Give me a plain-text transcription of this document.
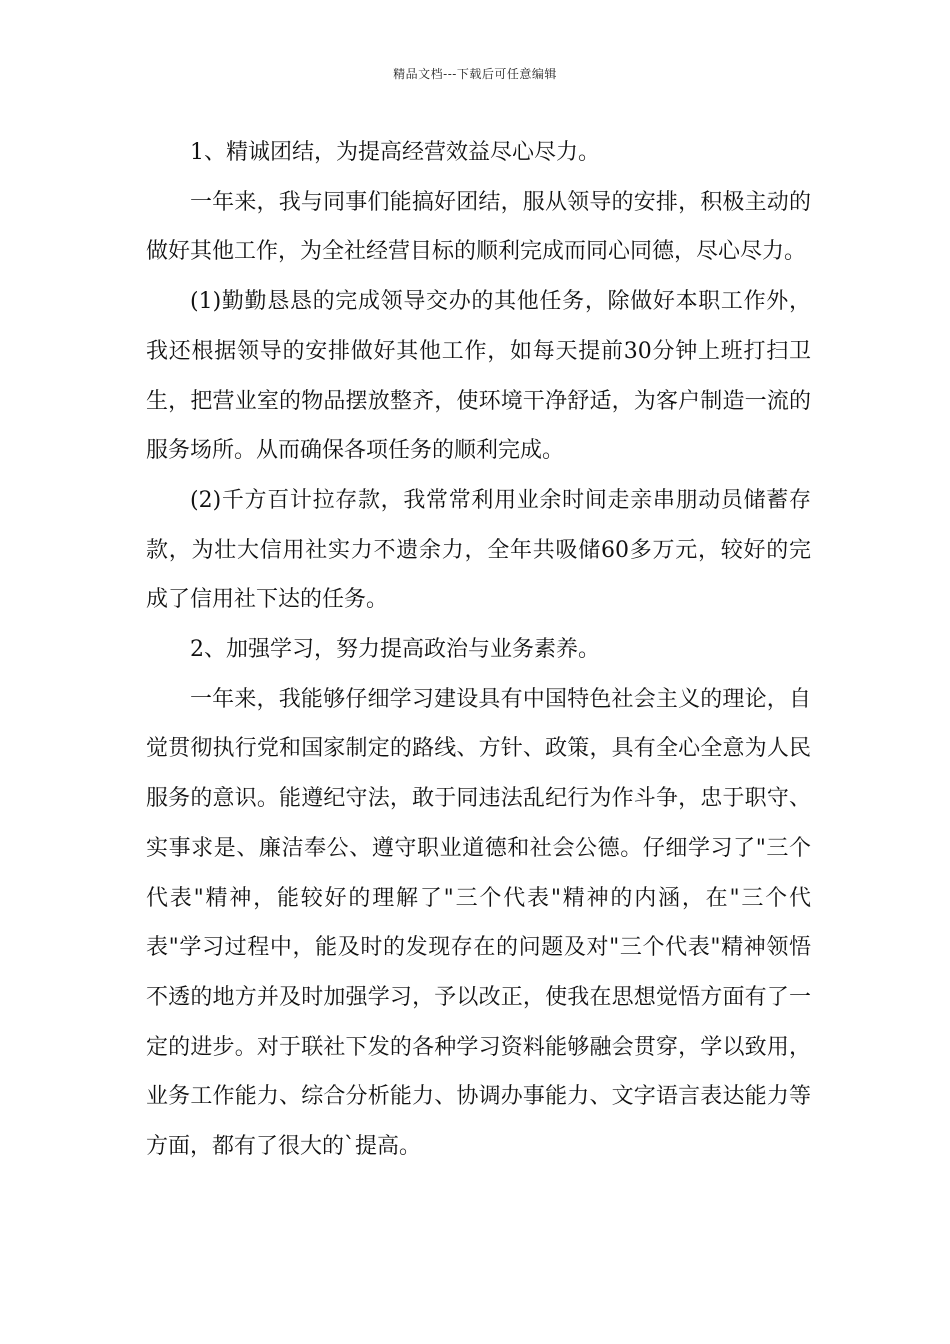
精品文档---下载后可任意编辑

1、精诚团结，为提高经营效益尽心尽力。

一年来，我与同事们能搞好团结，服从领导的安排，积极主动的做好其他工作，为全社经营目标的顺利完成而同心同德，尽心尽力。

(1)勤勤恳恳的完成领导交办的其他任务，除做好本职工作外，我还根据领导的安排做好其他工作，如每天提前30分钟上班打扫卫生，把营业室的物品摆放整齐，使环境干净舒适，为客户制造一流的服务场所。从而确保各项任务的顺利完成。

(2)千方百计拉存款，我常常利用业余时间走亲串朋动员储蓄存款，为壮大信用社实力不遗余力，全年共吸储60多万元，较好的完成了信用社下达的任务。

2、加强学习，努力提高政治与业务素养。

一年来，我能够仔细学习建设具有中国特色社会主义的理论，自觉贯彻执行党和国家制定的路线、方针、政策，具有全心全意为人民服务的意识。能遵纪守法，敢于同违法乱纪行为作斗争，忠于职守、实事求是、廉洁奉公、遵守职业道德和社会公德。仔细学习了"三个代表"精神，能较好的理解了"三个代表"精神的内涵，在"三个代表"学习过程中，能及时的发现存在的问题及对"三个代表"精神领悟不透的地方并及时加强学习，予以改正，使我在思想觉悟方面有了一定的进步。对于联社下发的各种学习资料能够融会贯穿，学以致用，业务工作能力、综合分析能力、协调办事能力、文字语言表达能力等方面，都有了很大的`提高。
